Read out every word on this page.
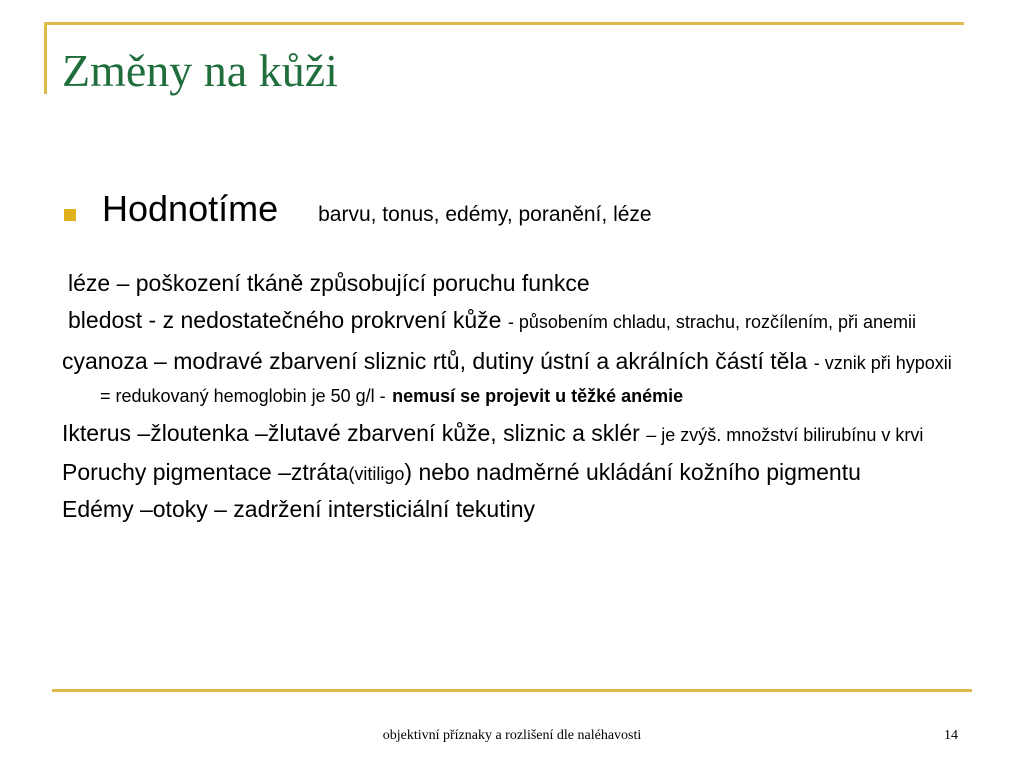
Změny na kůži
Hodnotíme barvu, tonus, edémy, poranění, léze

léze – poškození tkáně způsobující poruchu funkce

bledost - z nedostatečného prokrvení kůže - působením chladu, strachu, rozčílením, při anemii

cyanoza – modravé zbarvení sliznic rtů, dutiny ústní a akrálních částí těla - vznik při hypoxii = redukovaný hemoglobin je 50 g/l - nemusí se projevit u těžké anémie

Ikterus –žloutenka –žlutavé zbarvení kůže, sliznic a sklér – je zvýš. množství bilirubínu v krvi

Poruchy pigmentace –ztráta(vitiligo) nebo nadměrné ukládání kožního pigmentu

Edémy –otoky – zadržení intersticiální tekutiny

objektivní příznaky a rozlišení dle naléhavosti	14
